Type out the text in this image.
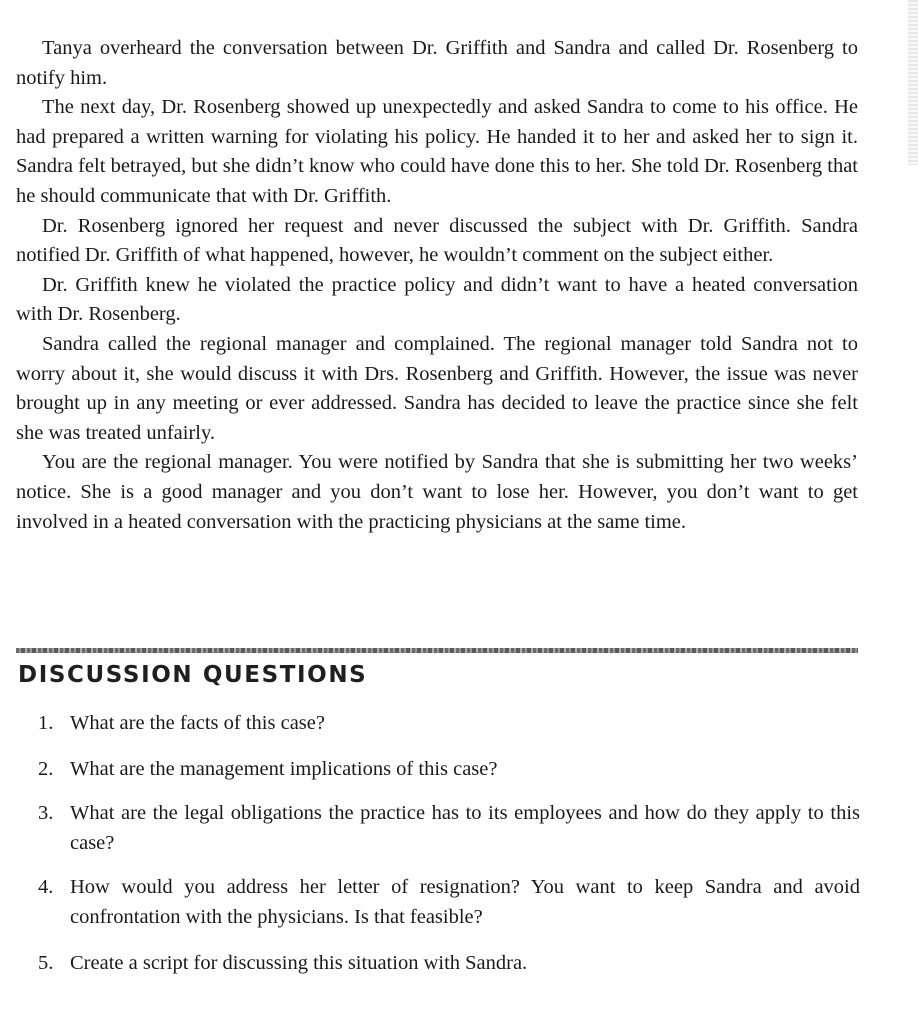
Tanya overheard the conversation between Dr. Griffith and Sandra and called Dr. Rosenberg to notify him.

The next day, Dr. Rosenberg showed up unexpectedly and asked Sandra to come to his office. He had prepared a written warning for violating his policy. He handed it to her and asked her to sign it. Sandra felt betrayed, but she didn’t know who could have done this to her. She told Dr. Rosenberg that he should communicate that with Dr. Griffith.

Dr. Rosenberg ignored her request and never discussed the subject with Dr. Griffith. Sandra notified Dr. Griffith of what happened, however, he wouldn’t comment on the subject either.

Dr. Griffith knew he violated the practice policy and didn’t want to have a heated conversation with Dr. Rosenberg.

Sandra called the regional manager and complained. The regional manager told Sandra not to worry about it, she would discuss it with Drs. Rosenberg and Griffith. However, the issue was never brought up in any meeting or ever addressed. Sandra has decided to leave the practice since she felt she was treated unfairly.

You are the regional manager. You were notified by Sandra that she is submitting her two weeks’ notice. She is a good manager and you don’t want to lose her. However, you don’t want to get involved in a heated conversation with the practicing physicians at the same time.

DISCUSSION QUESTIONS
1. What are the facts of this case?
2. What are the management implications of this case?
3. What are the legal obligations the practice has to its employees and how do they apply to this case?
4. How would you address her letter of resignation? You want to keep Sandra and avoid confrontation with the physicians. Is that feasible?
5. Create a script for discussing this situation with Sandra.
